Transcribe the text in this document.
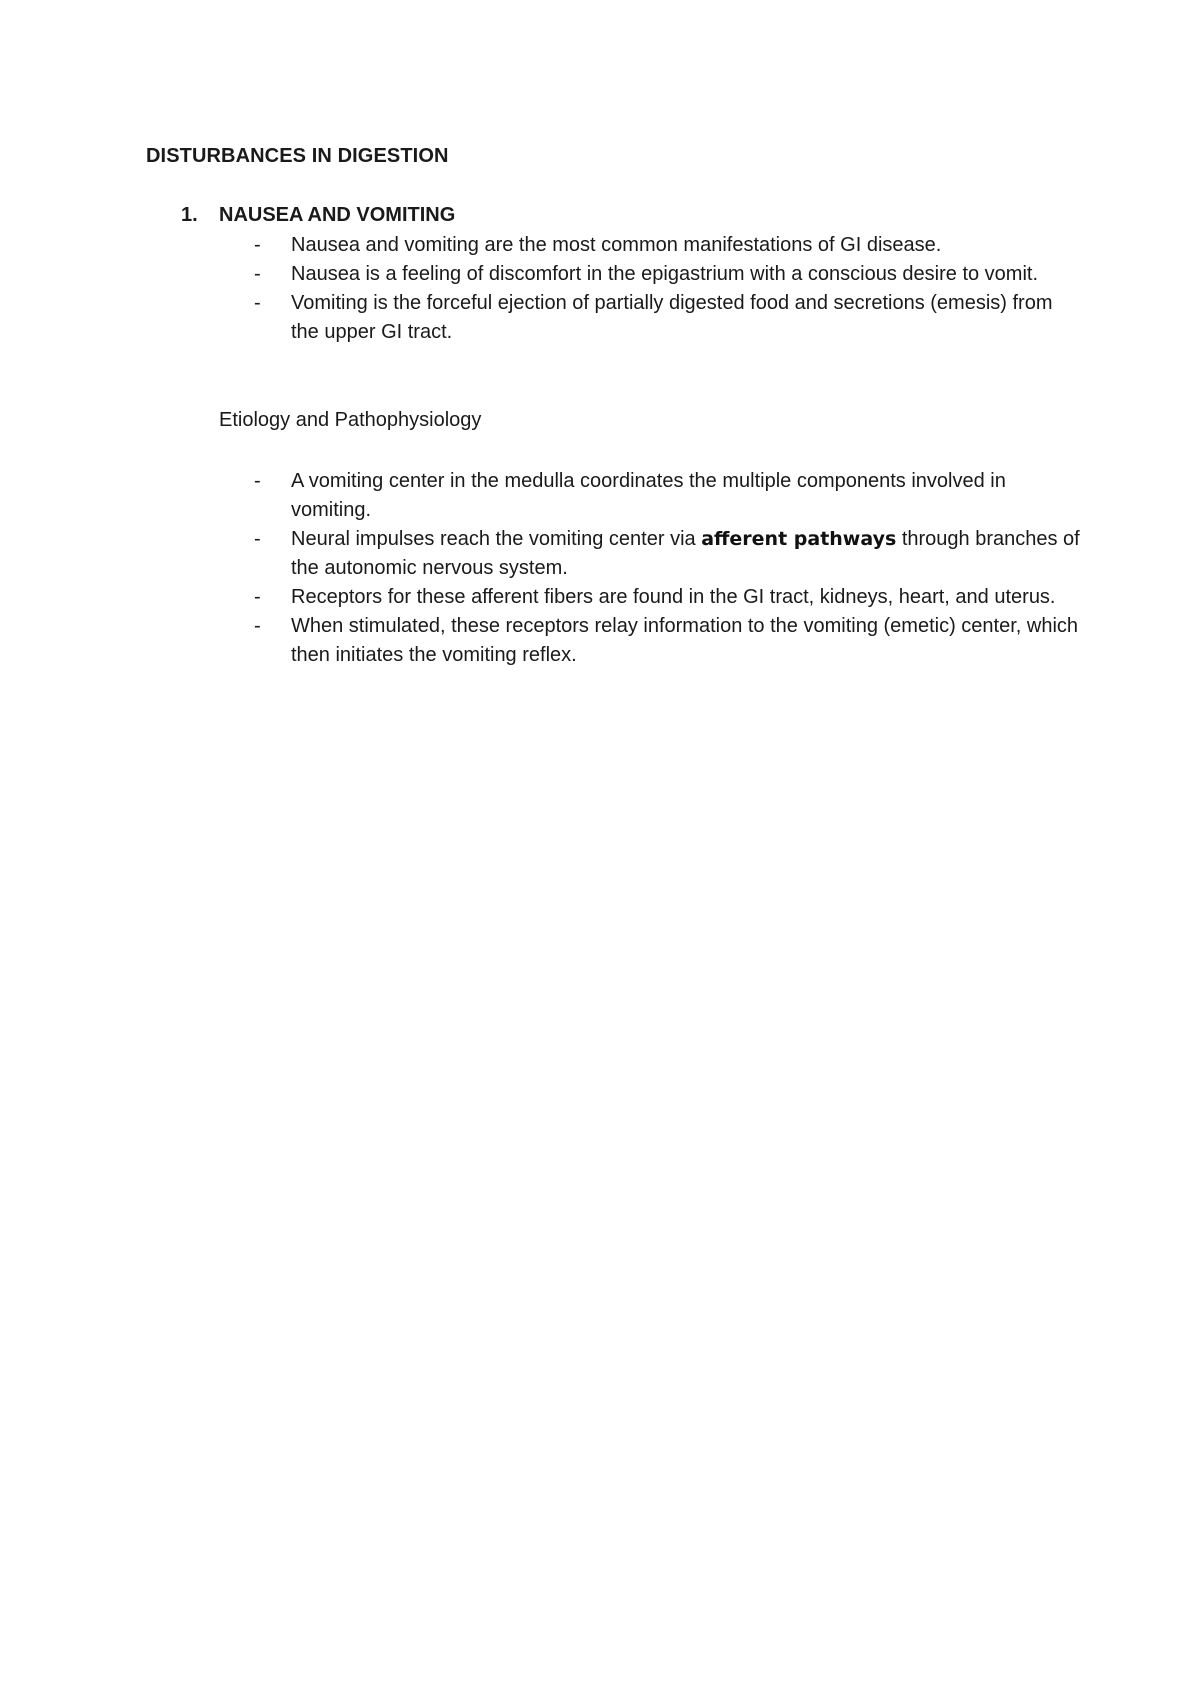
DISTURBANCES IN DIGESTION
1. NAUSEA AND VOMITING
- Nausea and vomiting are the most common manifestations of GI disease.
- Nausea is a feeling of discomfort in the epigastrium with a conscious desire to vomit.
- Vomiting is the forceful ejection of partially digested food and secretions (emesis) from the upper GI tract.
Etiology and Pathophysiology
- A vomiting center in the medulla coordinates the multiple components involved in vomiting.
- Neural impulses reach the vomiting center via afferent pathways through branches of the autonomic nervous system.
- Receptors for these afferent fibers are found in the GI tract, kidneys, heart, and uterus.
- When stimulated, these receptors relay information to the vomiting (emetic) center, which then initiates the vomiting reflex.
